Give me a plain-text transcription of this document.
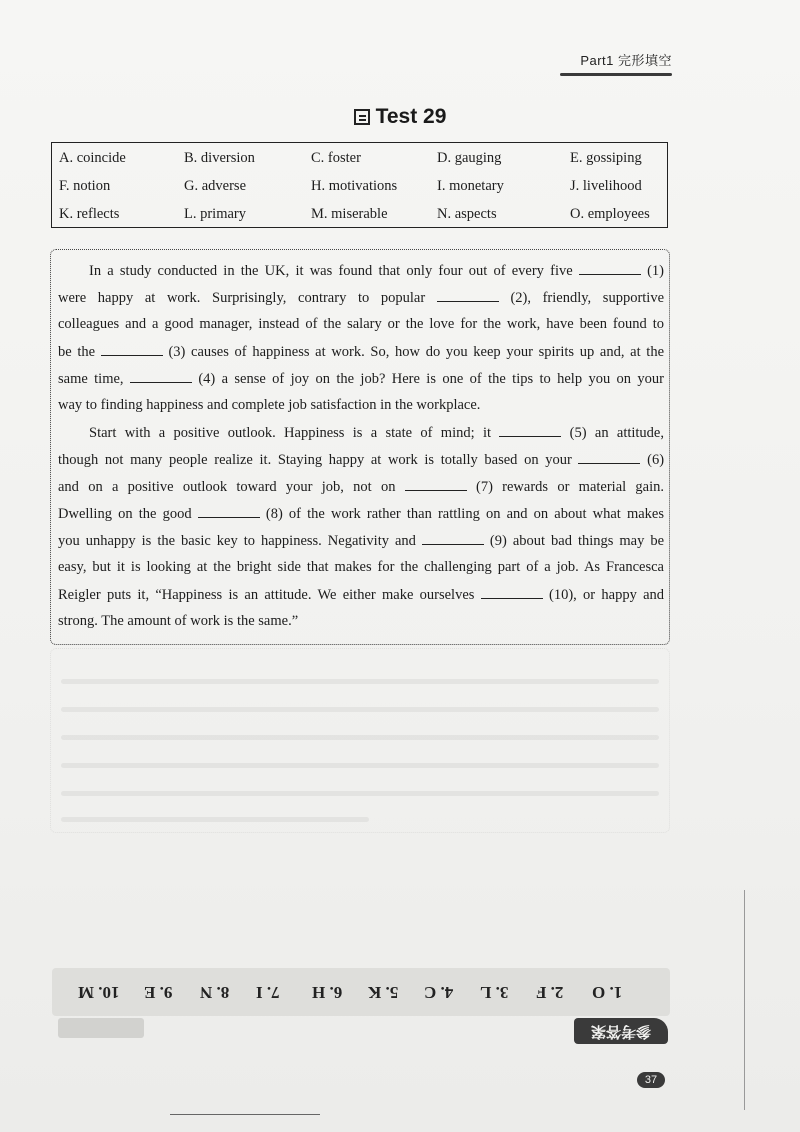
Part1 完形填空
Test 29
A. coincide	B. diversion	C. foster	D. gauging	E. gossiping
F. notion	G. adverse	H. motivations	I. monetary	J. livelihood
K. reflects	L. primary	M. miserable	N. aspects	O. employees
In a study conducted in the UK, it was found that only four out of every five	(1)
were happy at work. Surprisingly, contrary to popular	(2), friendly, supportive
colleagues and a good manager, instead of the salary or the love for the work, have been found to
be the	(3) causes of happiness at work. So, how do you keep your spirits up and, at the
same time,	(4) a sense of joy on the job? Here is one of the tips to help you on your
way to finding happiness and complete job satisfaction in the workplace.
Start with a positive outlook. Happiness is a state of mind; it	(5) an attitude,
though not many people realize it. Staying happy at work is totally based on your	(6)
and on a positive outlook toward your job, not on	(7) rewards or material gain.
Dwelling on the good	(8) of the work rather than rattling on and on about what makes
you unhappy is the basic key to happiness. Negativity and	(9) about bad things may be
easy, but it is looking at the bright side that makes for the challenging part of a job. As Francesca
Reigler puts it, “Happiness is an attitude. We either make ourselves	(10), or happy and
strong. The amount of work is the same.”
1. O
2. F
3. L
4. C
5. K
6. H
7. I
8. N
9. E
10. M
参考答案
37
